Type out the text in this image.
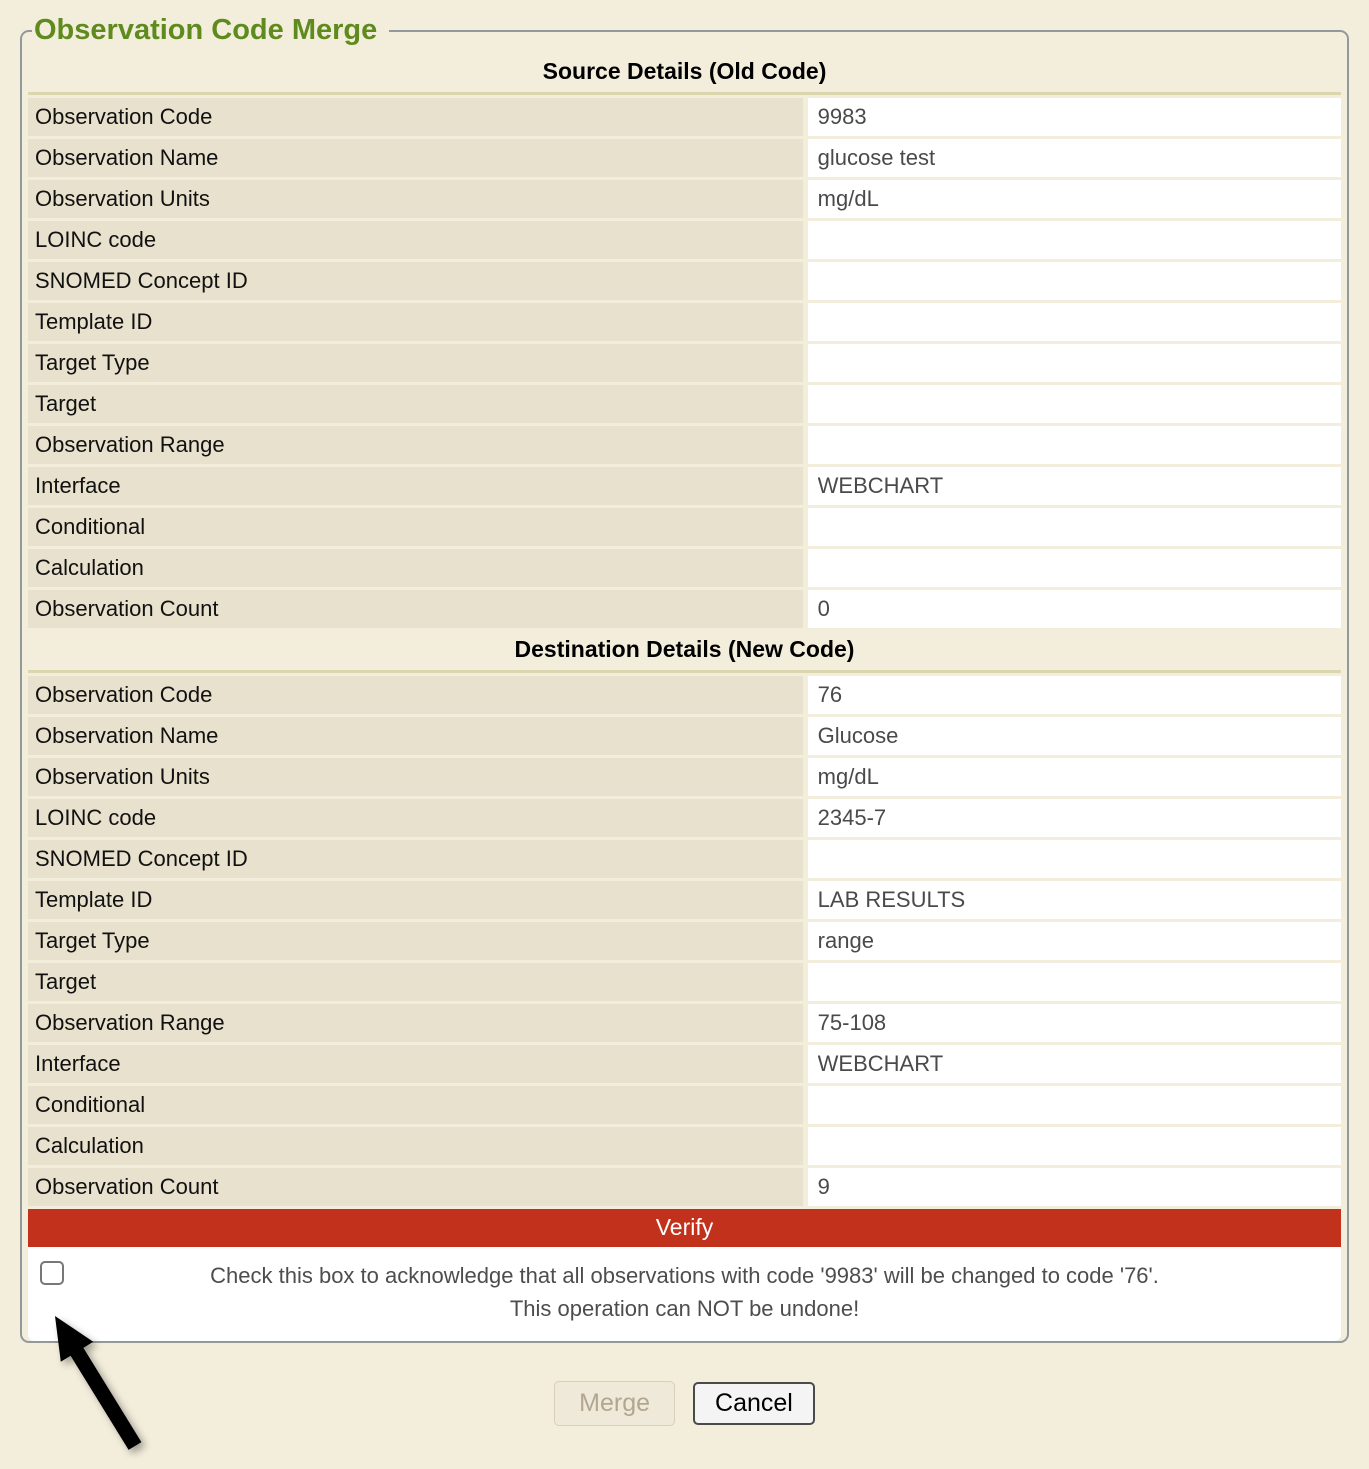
Observation Code Merge
Source Details (Old Code)
Observation Code
9983
Observation Name
glucose test
Observation Units
mg/dL
LOINC code
SNOMED Concept ID
Template ID
Target Type
Target
Observation Range
Interface
WEBCHART
Conditional
Calculation
Observation Count
0
Destination Details (New Code)
Observation Code
76
Observation Name
Glucose
Observation Units
mg/dL
LOINC code
2345-7
SNOMED Concept ID
Template ID
LAB RESULTS
Target Type
range
Target
Observation Range
75-108
Interface
WEBCHART
Conditional
Calculation
Observation Count
9
Verify
Check this box to acknowledge that all observations with code '9983' will be changed to code '76'.
This operation can NOT be undone!
Merge	Cancel
